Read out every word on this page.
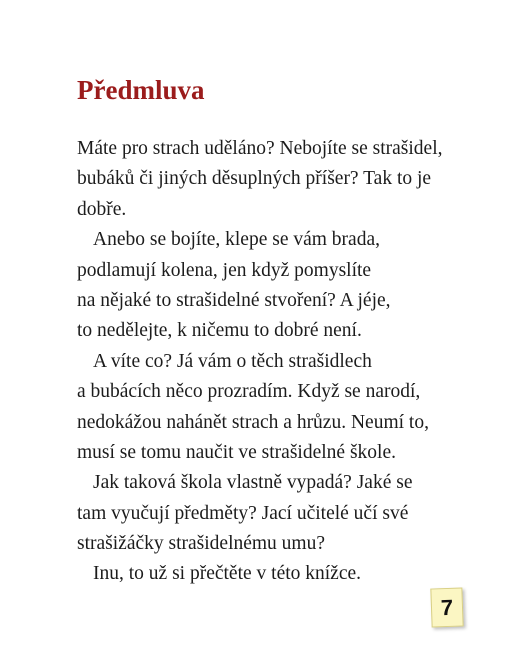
Předmluva
Máte pro strach uděláno? Nebojíte se strašidel,
bubáků či jiných děsuplných příšer? Tak to je
dobře.
Anebo se bojíte, klepe se vám brada,
podlamují kolena, jen když pomyslíte
na nějaké to strašidelné stvoření? A jéje,
to nedělejte, k ničemu to dobré není.
A víte co? Já vám o těch strašidlech
a bubácích něco prozradím. Když se narodí,
nedokážou nahánět strach a hrůzu. Neumí to,
musí se tomu naučit ve strašidelné škole.
Jak taková škola vlastně vypadá? Jaké se
tam vyučují předměty? Jací učitelé učí své
strašižáčky strašidelnému umu?
Inu, to už si přečtěte v této knížce.
7
